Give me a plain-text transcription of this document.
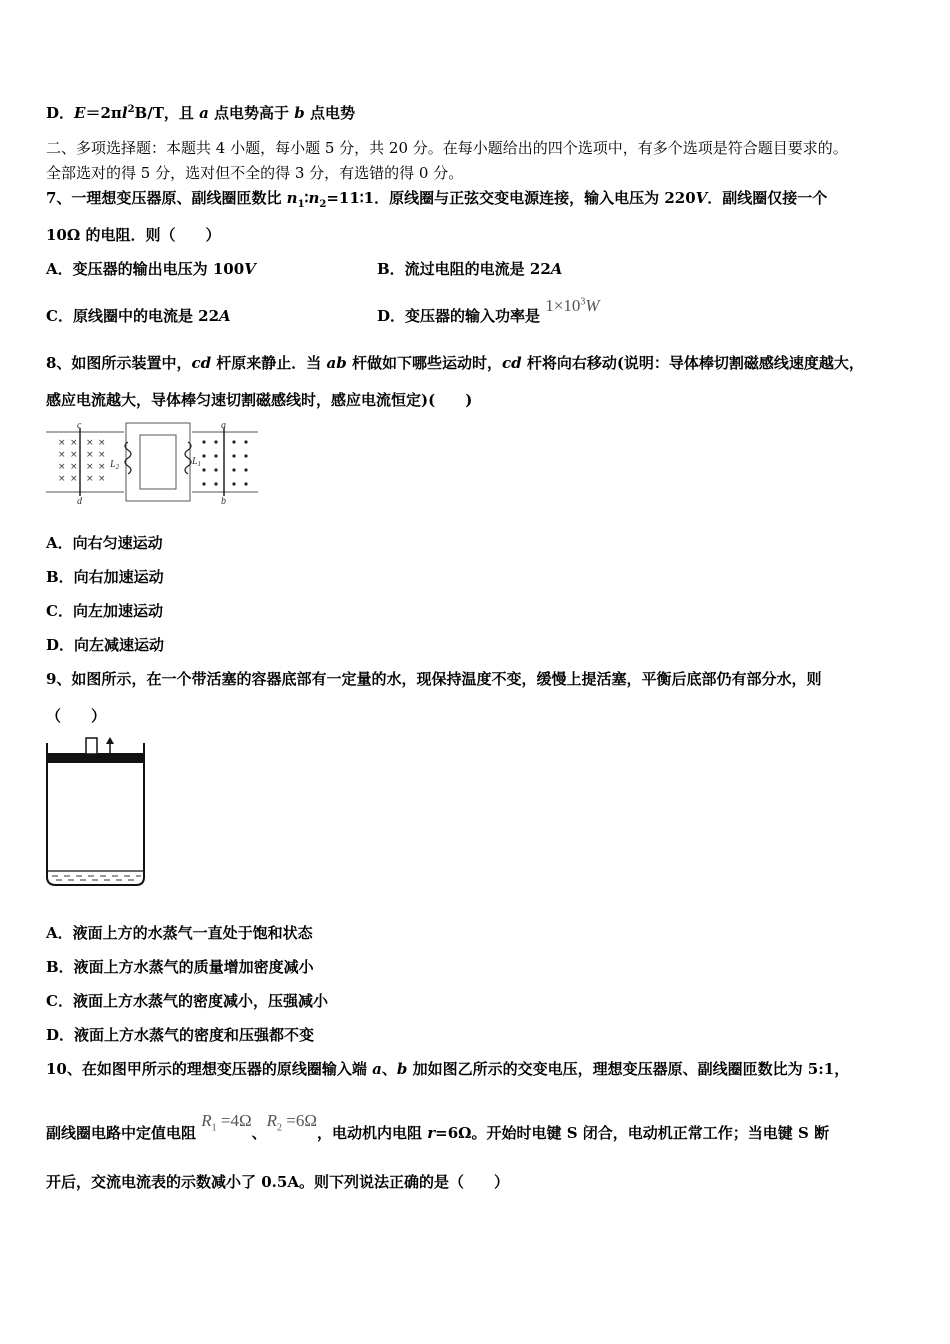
D．$E=2\pi l^2B/T$，且 a 点电势高于 b 点电势
二、多项选择题：本题共 4 小题，每小题 5 分，共 20 分。在每小题给出的四个选项中，有多个选项是符合题目要求的。
全部选对的得 5 分，选对但不全的得 3 分，有选错的得 0 分。
7、一理想变压器原、副线圈匝数比 $n_1∶n_2=11∶1$．原线圈与正弦交变电源连接，输入电压为 220V．副线圈仅接一个
10Ω 的电阻．则（　　）
A．变压器的输出电压为 100V	B．流过电阻的电流是 22A
C．原线圈中的电流是 22A	D．变压器的输入功率是 $1\times 10^3W$
8、如图所示装置中，cd 杆原来静止．当 ab 杆做如下哪些运动时，cd 杆将向右移动(说明：导体棒切割磁感线速度越大，
感应电流越大，导体棒匀速切割磁感线时，感应电流恒定)(　　)
× × × ×
× × × ×
× × × ×
× × × ×
c
d
a
b
$L_2$	$L_1$
A．向右匀速运动
B．向右加速运动
C．向左加速运动
D．向左减速运动
9、如图所示，在一个带活塞的容器底部有一定量的水，现保持温度不变，缓慢上提活塞，平衡后底部仍有部分水，则
（　　）
A．液面上方的水蒸气一直处于饱和状态
B．液面上方水蒸气的质量增加密度减小
C．液面上方水蒸气的密度减小，压强减小
D．液面上方水蒸气的密度和压强都不变
10、在如图甲所示的理想变压器的原线圈输入端 a、b 加如图乙所示的交变电压，理想变压器原、副线圈匝数比为 5:1，
副线圈电路中定值电阻 $R_1 =4\Omega$、$R_2 =6\Omega$，电动机内电阻 r=6Ω。开始时电键 S 闭合，电动机正常工作；当电键 S 断
开后，交流电流表的示数减小了 0.5A。则下列说法正确的是（　　）
